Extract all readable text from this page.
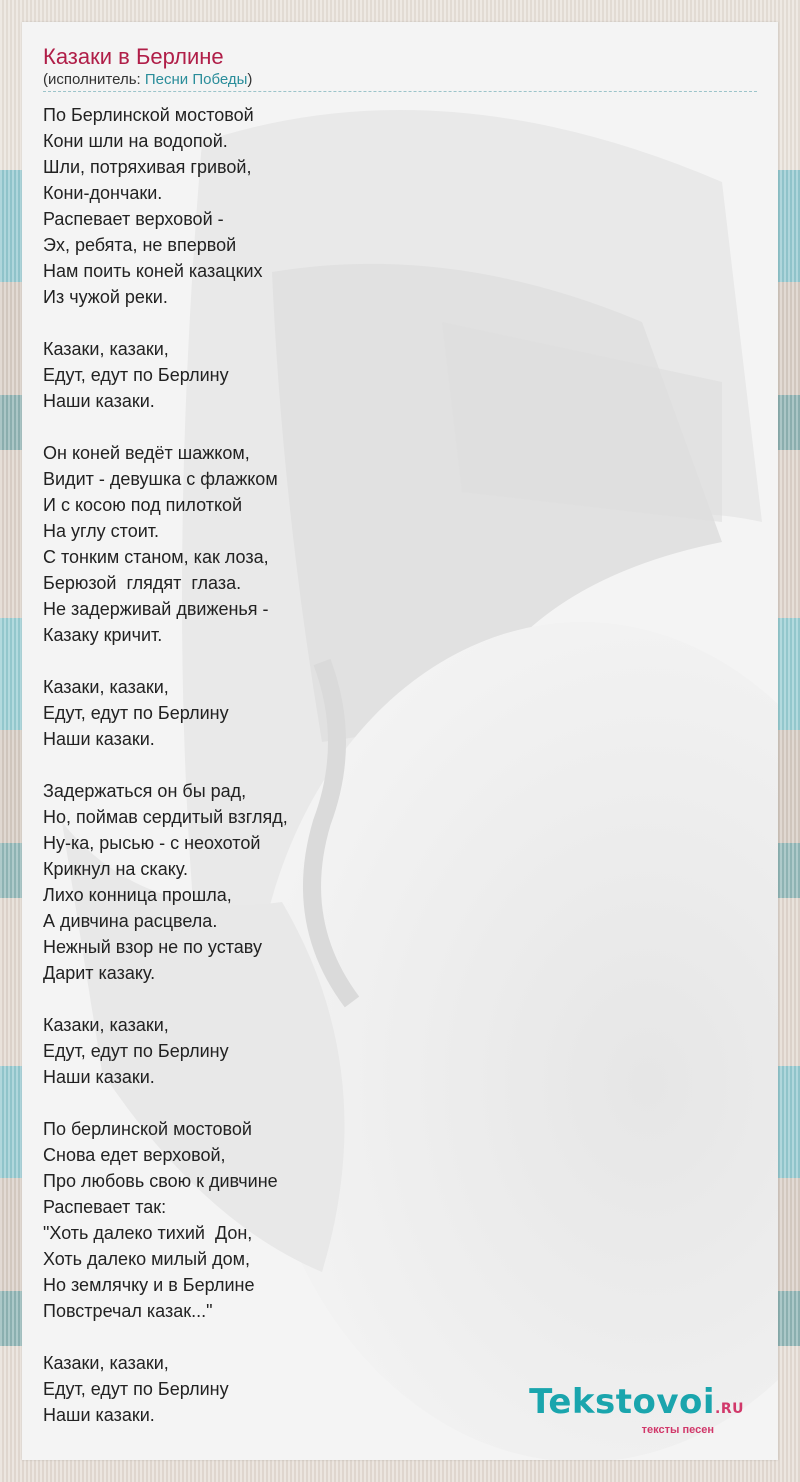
Казаки в Берлине
(исполнитель: Песни Победы)
По Берлинской мостовой
Кони шли на водопой.
Шли, потряхивая гривой,
Кони-дончаки.
Распевает верховой -
Эх, ребята, не впервой
Нам поить коней казацких
Из чужой реки.
Казаки, казаки,
Едут, едут по Берлину
Наши казаки.
Он коней ведёт шажком,
Видит - девушка с флажком
И с косою под пилоткой
На углу стоит.
С тонким станом, как лоза,
Берюзой  глядят  глаза.
Не задерживай движенья -
Казаку кричит.
Казаки, казаки,
Едут, едут по Берлину
Наши казаки.
Задержаться он бы рад,
Но, поймав сердитый взгляд,
Ну-ка, рысью - с неохотой
Крикнул на скаку.
Лихо конница прошла,
А дивчина расцвела.
Нежный взор не по уставу
Дарит казаку.
Казаки, казаки,
Едут, едут по Берлину
Наши казаки.
По берлинской мостовой
Снова едет верховой,
Про любовь свою к дивчине
Распевает так:
"Хоть далеко тихий  Дон,
Хоть далеко милый дом,
Но землячку и в Берлине
Повстречал казак..."
Казаки, казаки,
Едут, едут по Берлину
Наши казаки.	Tekstovoi.RU
тексты песен
